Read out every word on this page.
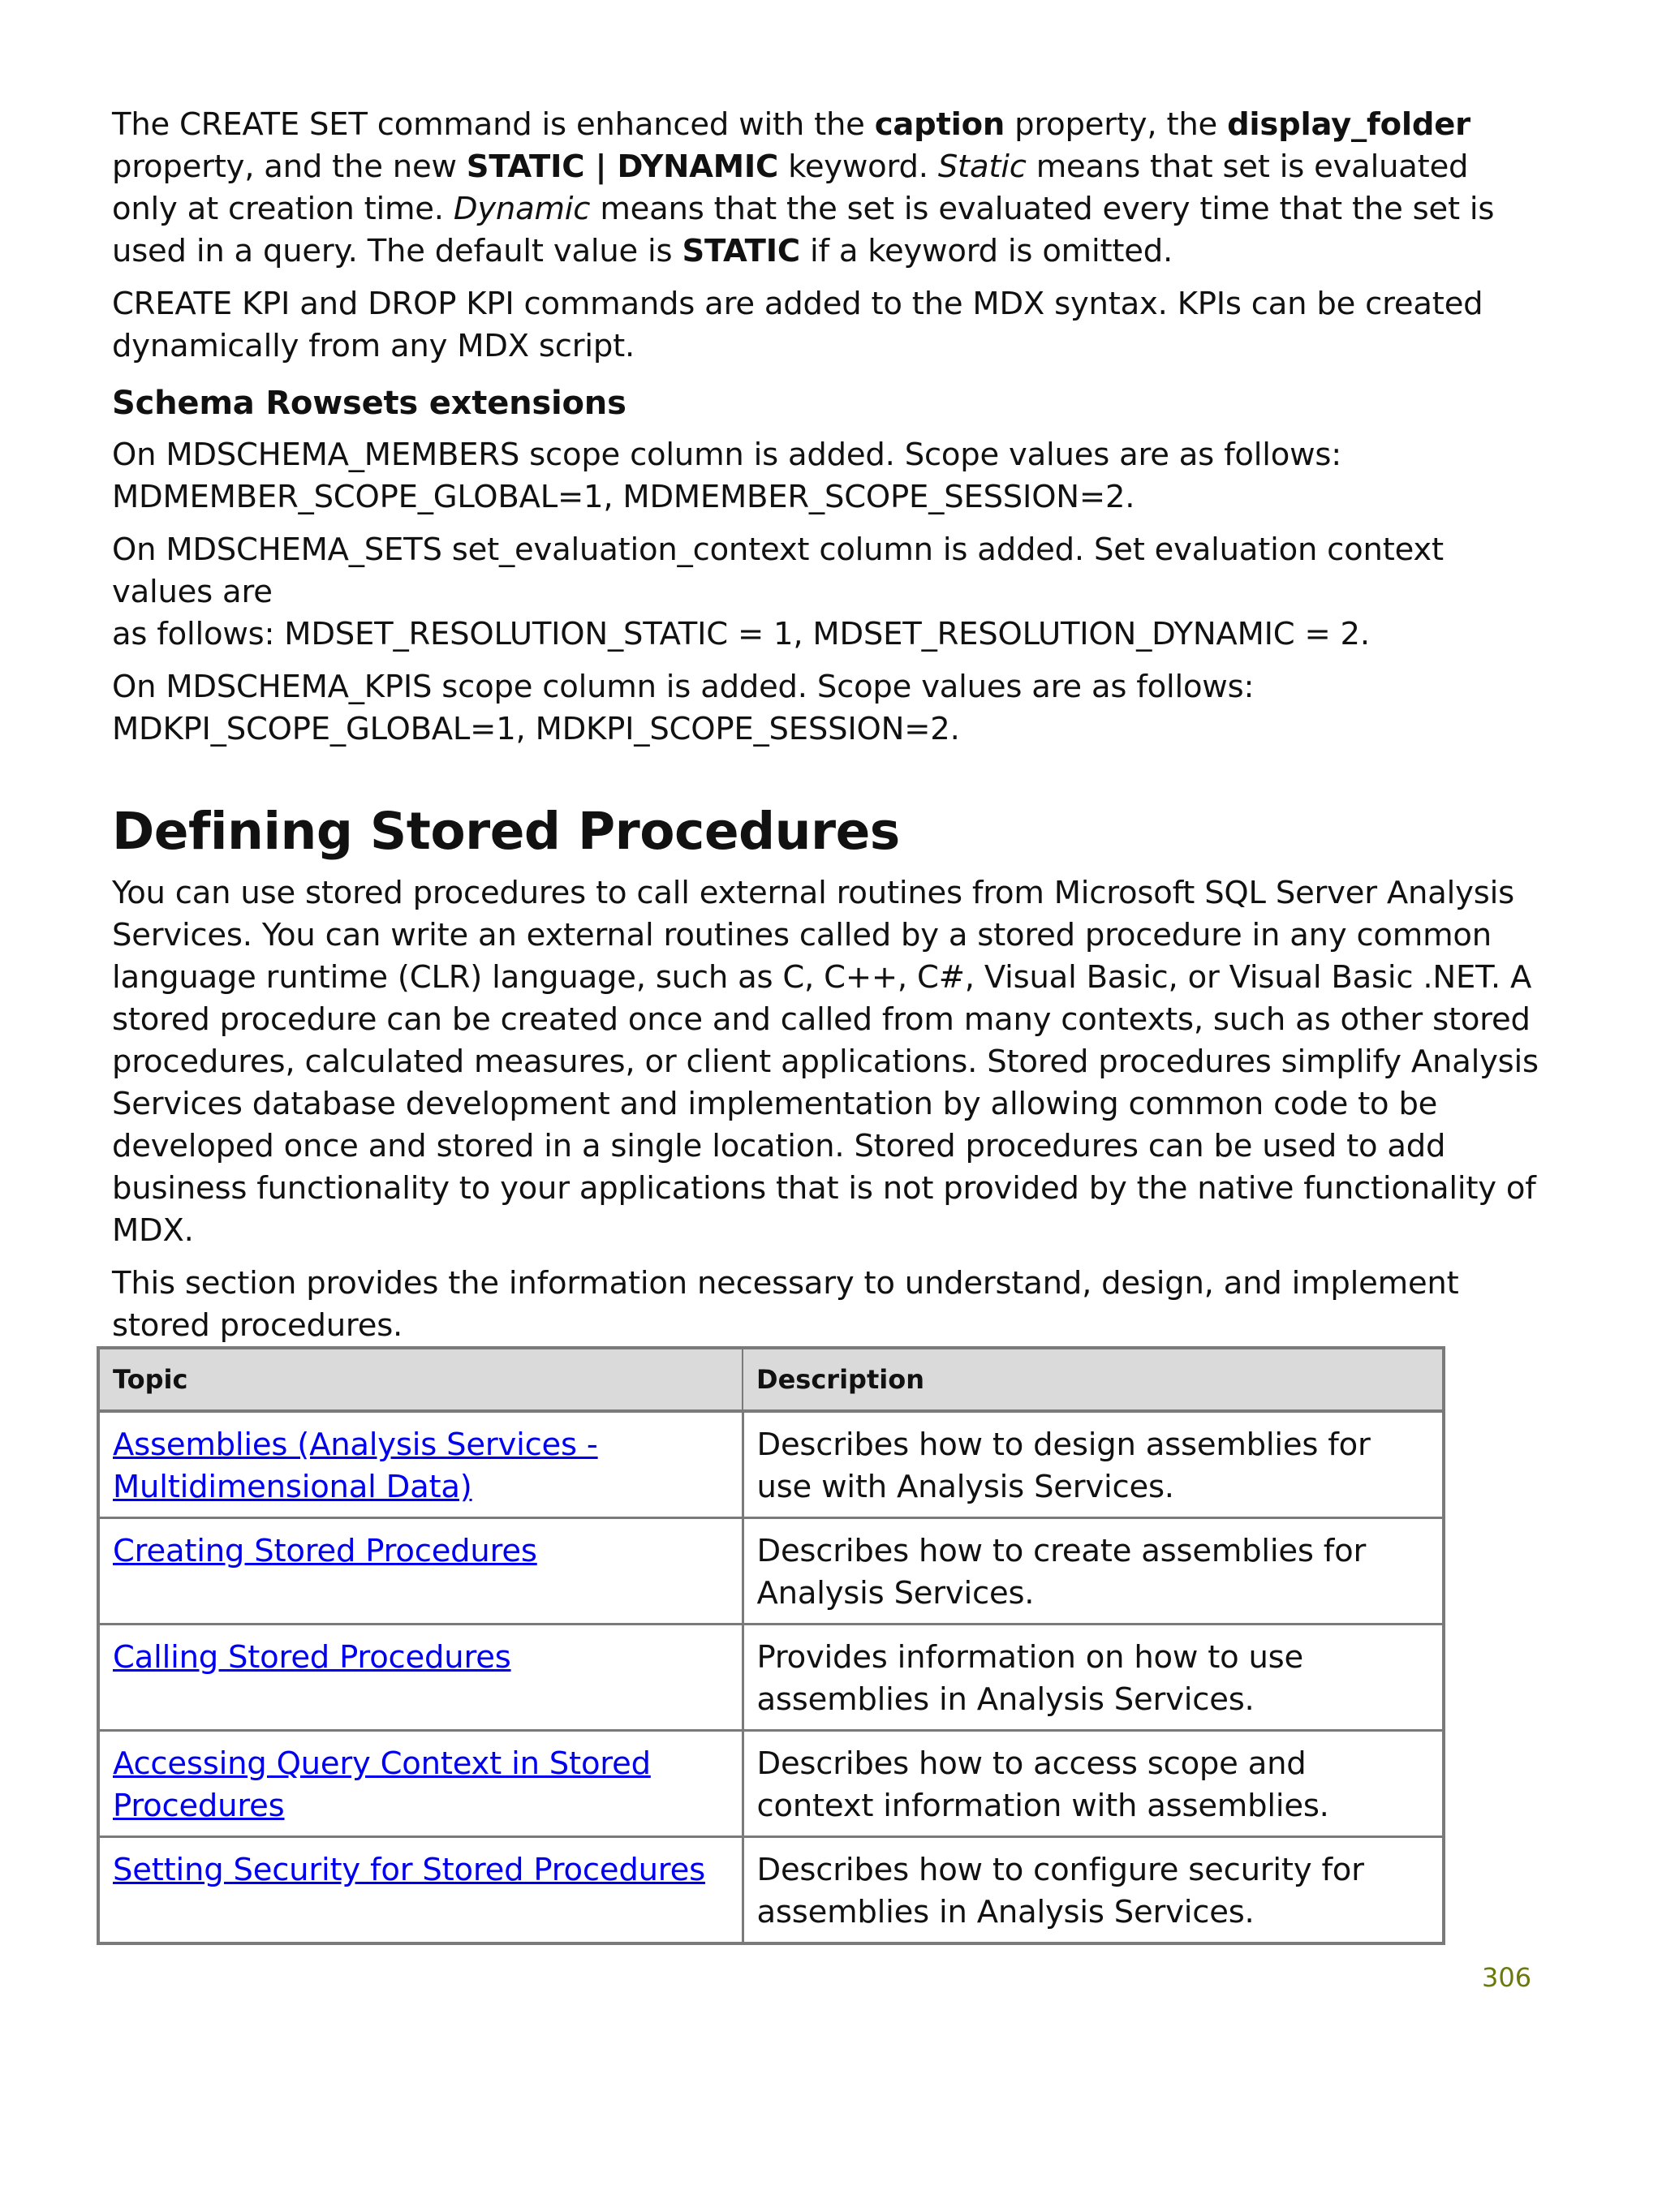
The CREATE SET command is enhanced with the caption property, the display_folder property, and the new STATIC | DYNAMIC keyword. Static means that set is evaluated only at creation time. Dynamic means that the set is evaluated every time that the set is used in a query. The default value is STATIC if a keyword is omitted.

CREATE KPI and DROP KPI commands are added to the MDX syntax. KPIs can be created dynamically from any MDX script.

Schema Rowsets extensions

On MDSCHEMA_MEMBERS scope column is added. Scope values are as follows:
MDMEMBER_SCOPE_GLOBAL=1, MDMEMBER_SCOPE_SESSION=2.

On MDSCHEMA_SETS set_evaluation_context column is added. Set evaluation context values are
as follows: MDSET_RESOLUTION_STATIC = 1, MDSET_RESOLUTION_DYNAMIC = 2.

On MDSCHEMA_KPIS scope column is added. Scope values are as follows:
MDKPI_SCOPE_GLOBAL=1, MDKPI_SCOPE_SESSION=2.

Defining Stored Procedures

You can use stored procedures to call external routines from Microsoft SQL Server Analysis Services. You can write an external routines called by a stored procedure in any common language runtime (CLR) language, such as C, C++, C#, Visual Basic, or Visual Basic .NET. A stored procedure can be created once and called from many contexts, such as other stored procedures, calculated measures, or client applications. Stored procedures simplify Analysis Services database development and implementation by allowing common code to be developed once and stored in a single location. Stored procedures can be used to add business functionality to your applications that is not provided by the native functionality of MDX.

This section provides the information necessary to understand, design, and implement stored procedures.

Topic	Description
Assemblies (Analysis Services - Multidimensional Data)	Describes how to design assemblies for use with Analysis Services.
Creating Stored Procedures	Describes how to create assemblies for Analysis Services.
Calling Stored Procedures	Provides information on how to use assemblies in Analysis Services.
Accessing Query Context in Stored Procedures	Describes how to access scope and context information with assemblies.
Setting Security for Stored Procedures	Describes how to configure security for assemblies in Analysis Services.
306
